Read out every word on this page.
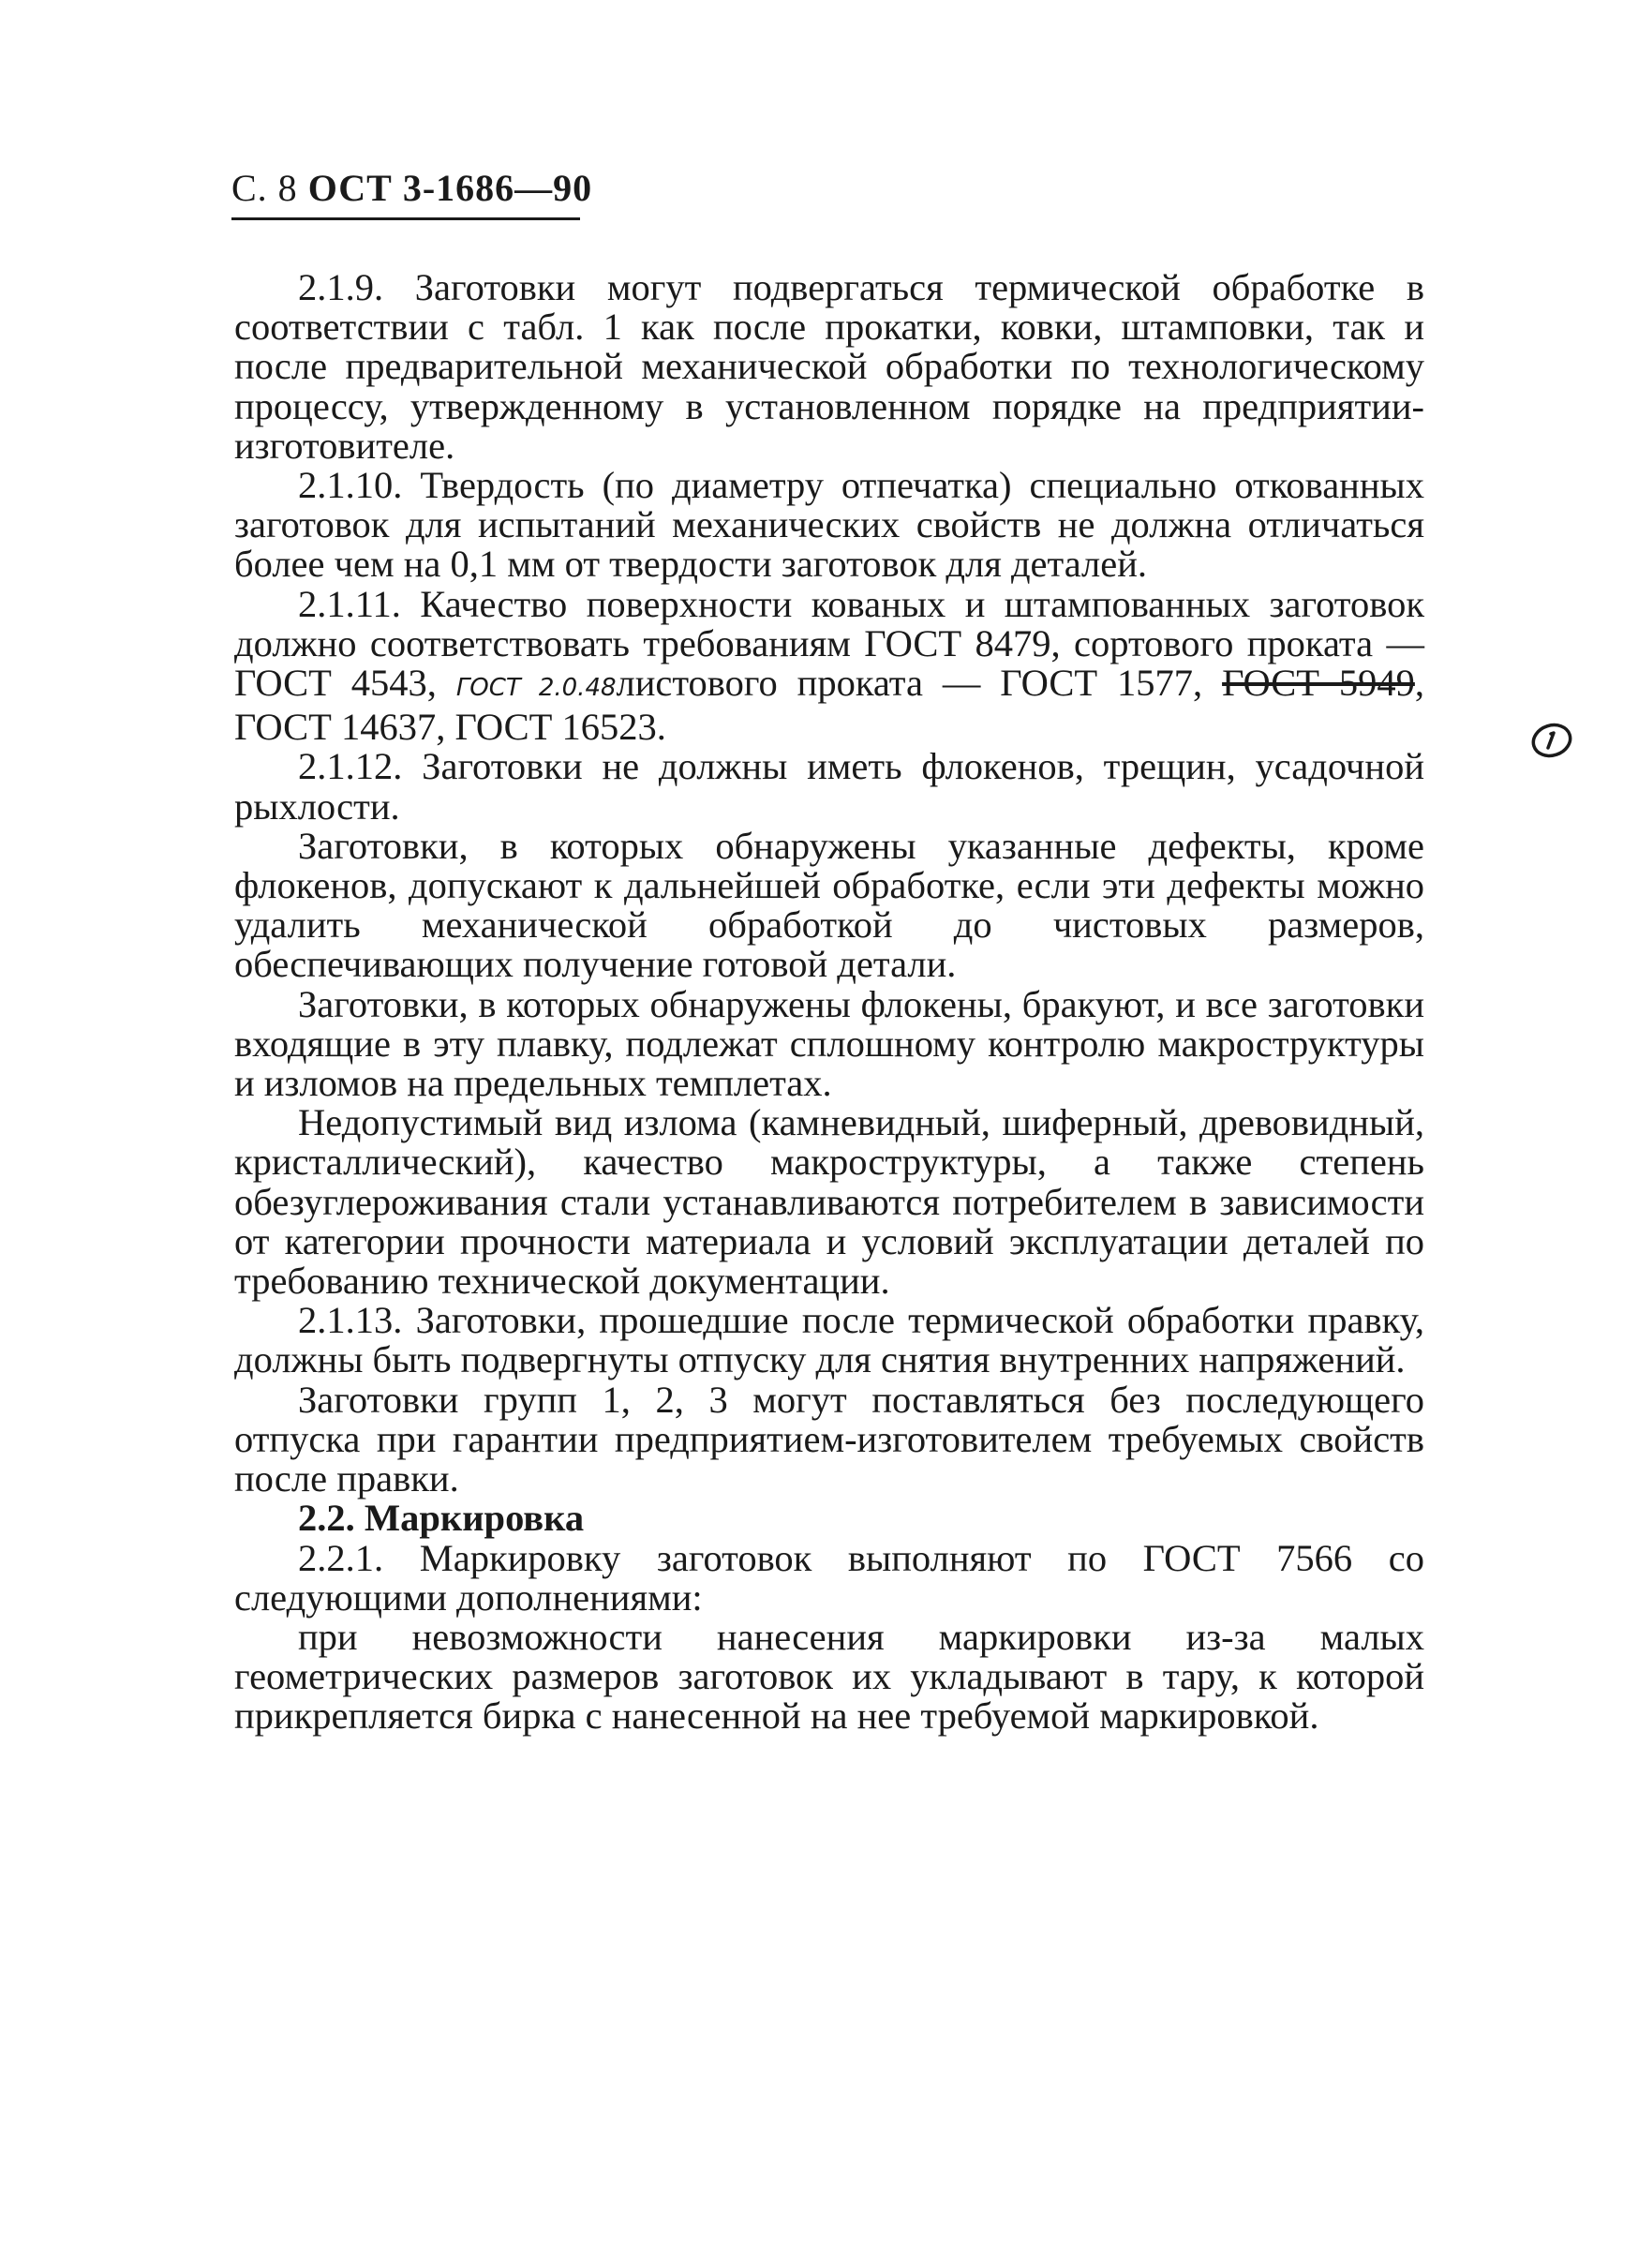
С. 8 ОСТ 3-1686—90

2.1.9. Заготовки могут подвергаться термической обработке в соответствии с табл. 1 как после прокатки, ковки, штамповки, так и после предварительной механической обработки по технологическому процессу, утвержденному в установленном порядке на предприятии-изготовителе.

2.1.10. Твердость (по диаметру отпечатка) специально откованных заготовок для испытаний механических свойств не должна отличаться более чем на 0,1 мм от твердости заготовок для деталей.

2.1.11. Качество поверхности кованых и штампованных заготовок должно соответствовать требованиям ГОСТ 8479, сортового проката — ГОСТ 4543, ГОСТ 2.0.48листового проката — ГОСТ 1577, ГОСТ 5949, ГОСТ 14637, ГОСТ 16523.

2.1.12. Заготовки не должны иметь флокенов, трещин, усадочной рыхлости.

Заготовки, в которых обнаружены указанные дефекты, кроме флокенов, допускают к дальнейшей обработке, если эти дефекты можно удалить механической обработкой до чистовых размеров, обеспечивающих получение готовой детали.

Заготовки, в которых обнаружены флокены, бракуют, и все заготовки входящие в эту плавку, подлежат сплошному контролю макроструктуры и изломов на предельных темплетах.

Недопустимый вид излома (камневидный, шиферный, древовидный, кристаллический), качество макроструктуры, а также степень обезуглероживания стали устанавливаются потребителем в зависимости от категории прочности материала и условий эксплуатации деталей по требованию технической документации.

2.1.13. Заготовки, прошедшие после термической обработки правку, должны быть подвергнуты отпуску для снятия внутренних напряжений.

Заготовки групп 1, 2, 3 могут поставляться без последующего отпуска при гарантии предприятием-изготовителем требуемых свойств после правки.

2.2. Маркировка

2.2.1. Маркировку заготовок выполняют по ГОСТ 7566 со следующими дополнениями:

при невозможности нанесения маркировки из-за малых геометрических размеров заготовок их укладывают в тару, к которой прикрепляется бирка с нанесенной на нее требуемой маркировкой.
